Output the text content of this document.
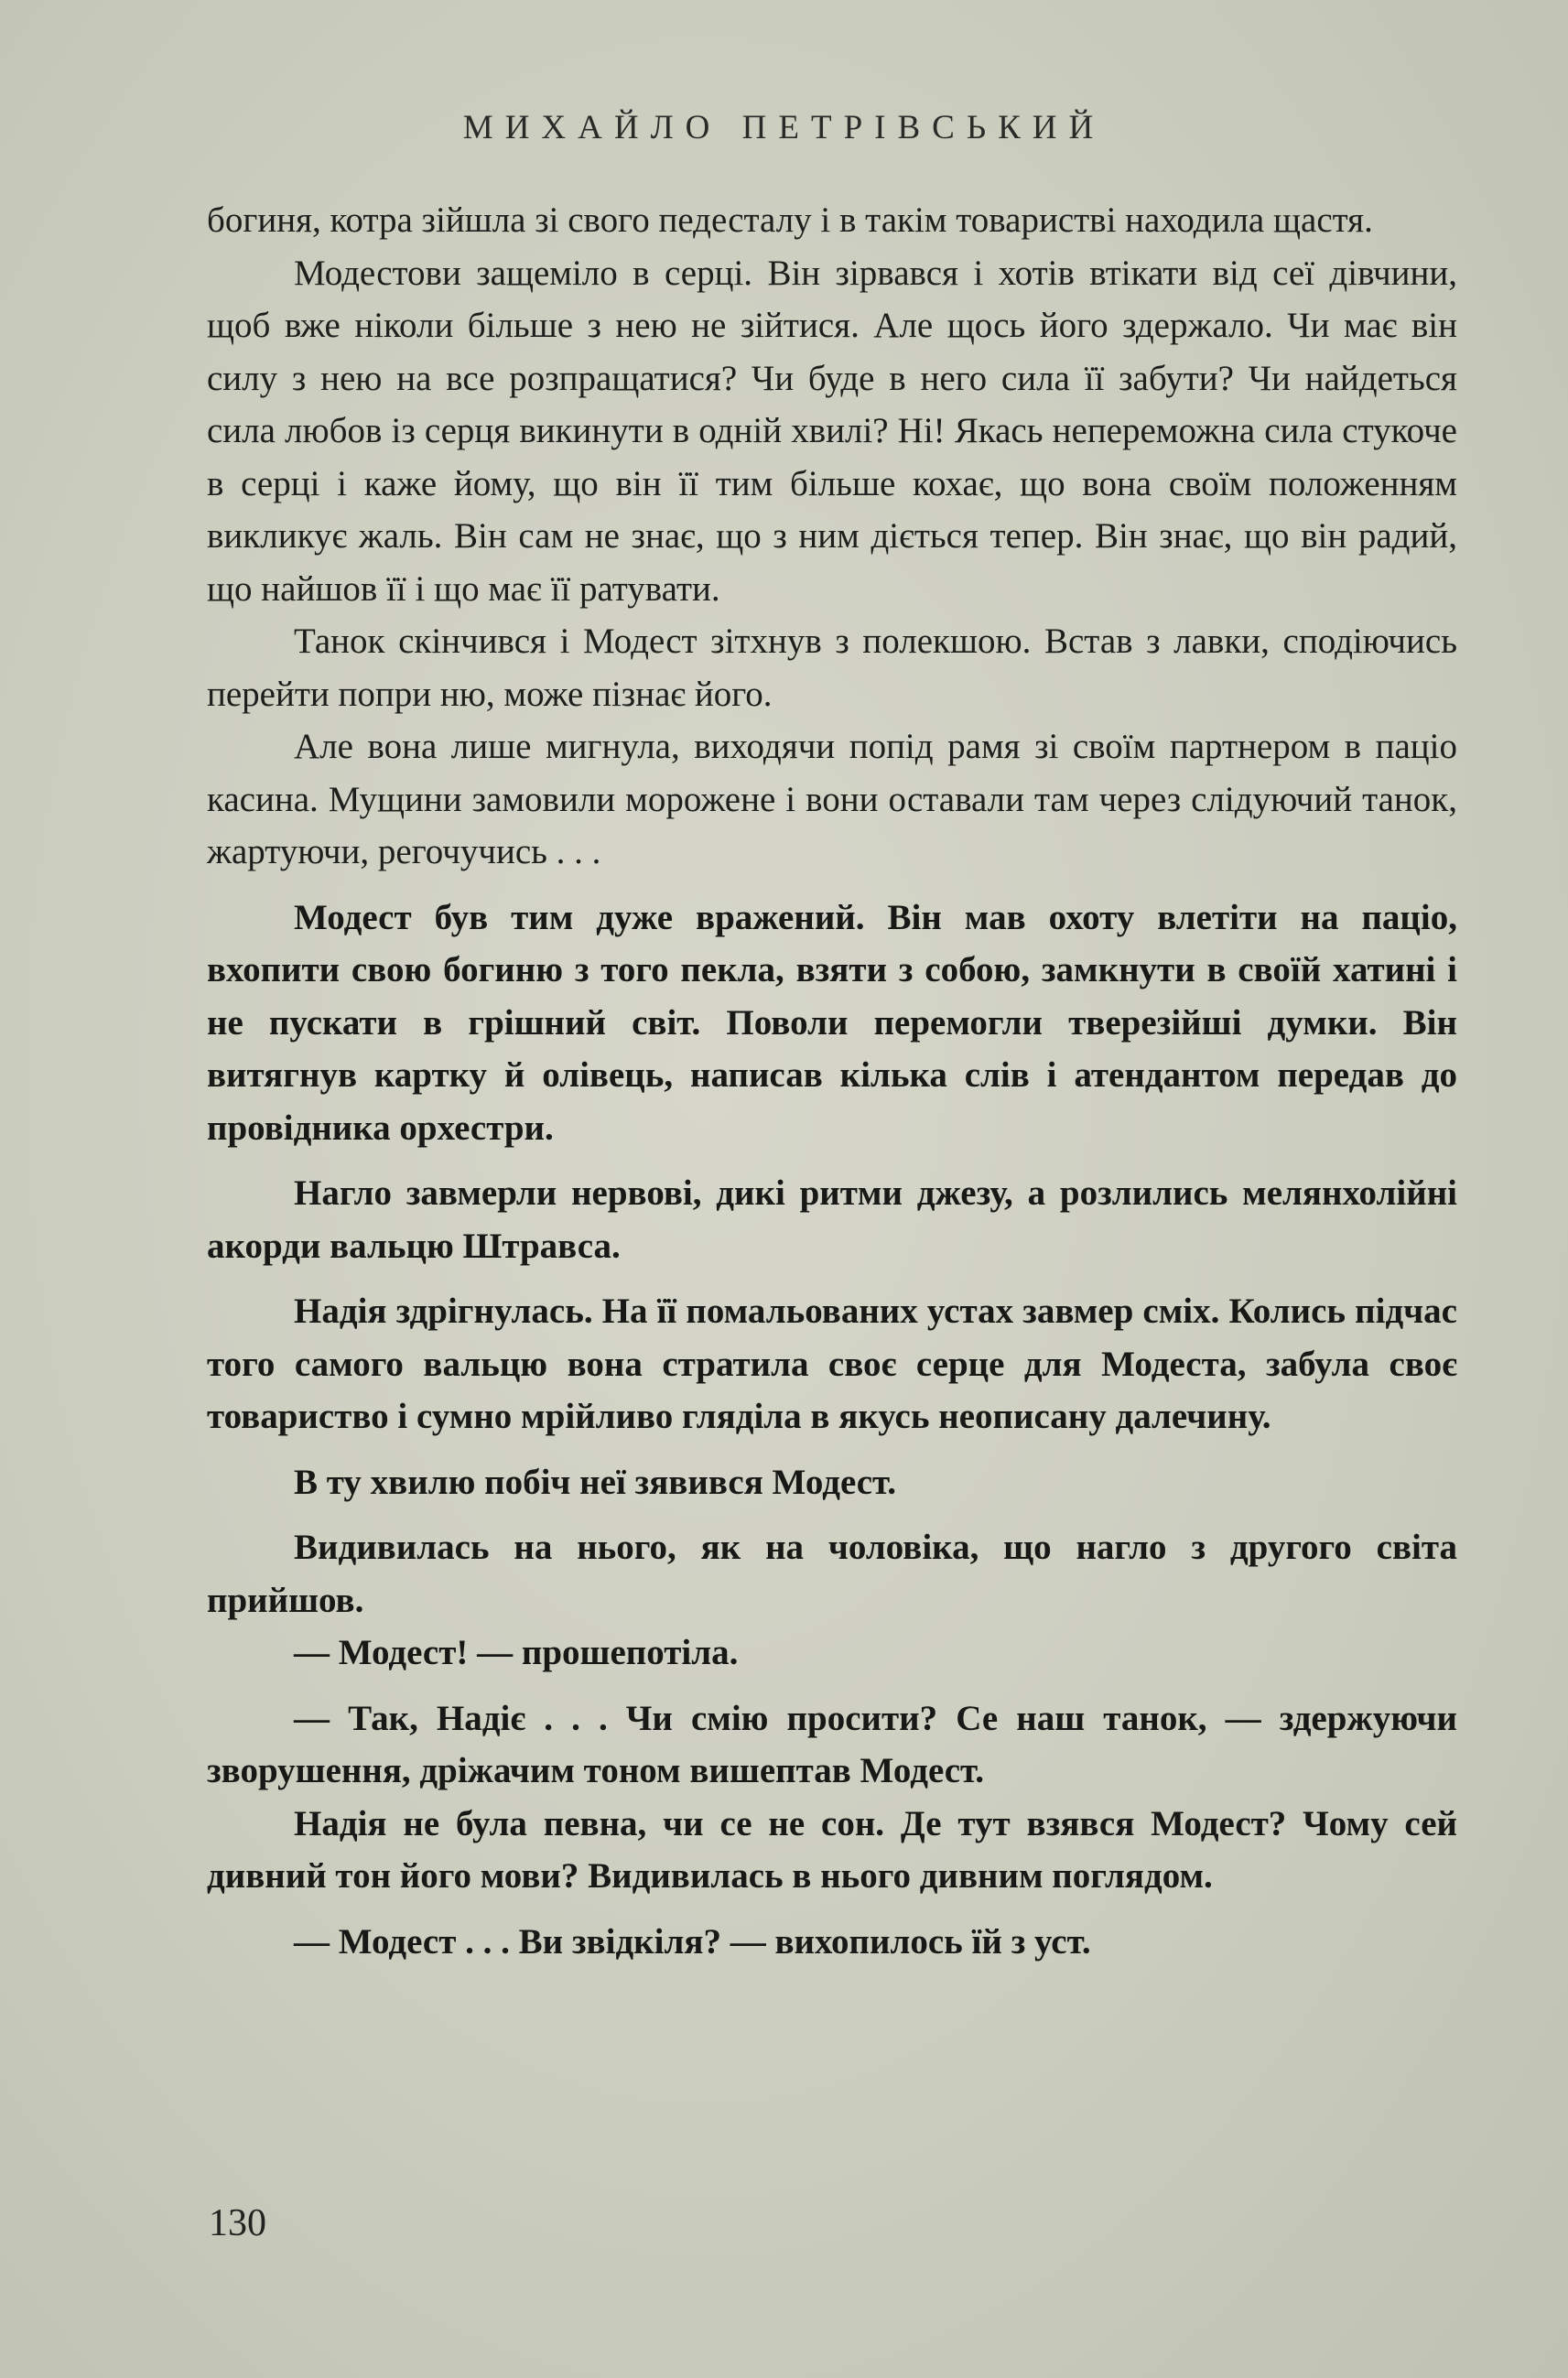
МИХАЙЛО ПЕТРІВСЬКИЙ

богиня, котра зійшла зі свого педесталу і в такім товаристві находила щастя.

Модестови защеміло в серці. Він зірвався і хотів втікати від сеї дівчини, щоб вже ніколи більше з нею не зійтися. Але щось його здержало. Чи має він силу з нею на все розпращатися? Чи буде в него сила її забути? Чи найдеться сила любов із серця викинути в одній хвилі? Ні! Якась непереможна сила стукоче в серці і каже йому, що він її тим більше кохає, що вона своїм положенням викликує жаль. Він сам не знає, що з ним діється тепер. Він знає, що він радий, що найшов її і що має її ратувати.

Танок скінчився і Модест зітхнув з полекшою. Встав з лавки, сподіючись перейти попри ню, може пізнає його.

Але вона лише мигнула, виходячи попід рамя зі своїм партнером в паціо касина. Мущини замовили морожене і вони оставали там через слідуючий танок, жартуючи, регочучись . . .

Модест був тим дуже вражений. Він мав охоту влетіти на паціо, вхопити свою богиню з того пекла, взяти з собою, замкнути в своїй хатині і не пускати в грішний світ. Поволи перемогли тверезійші думки. Він витягнув картку й олівець, написав кілька слів і атендантом передав до провідника орхестри.

Нагло завмерли нервові, дикі ритми джезу, а розлились мелянхолійні акорди вальцю Штравса.

Надія здрігнулась. На її помальованих устах завмер сміх. Колись підчас того самого вальцю вона стратила своє серце для Модеста, забула своє товариство і сумно мрійливо гляділа в якусь неописану далечину.

В ту хвилю побіч неї зявився Модест.

Видивилась на нього, як на чоловіка, що нагло з другого світа прийшов.

— Модест! — прошепотіла.

— Так, Надіє . . . Чи смію просити? Се наш танок, — здержуючи зворушення, дріжачим тоном вишептав Модест.

Надія не була певна, чи се не сон. Де тут взявся Модест? Чому сей дивний тон його мови? Видивилась в нього дивним поглядом.

— Модест . . . Ви звідкіля? — вихопилось їй з уст.

130
